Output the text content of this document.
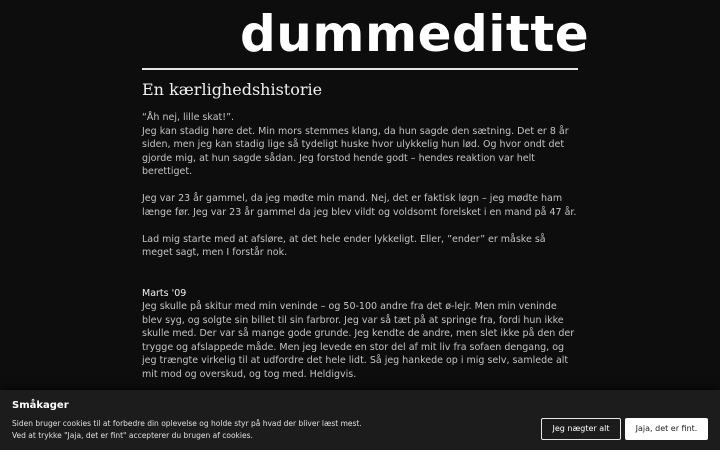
dummeditte
En kærlighedshistorie
“Åh nej, lille skat!”.

Jeg kan stadig høre det. Min mors stemmes klang, da hun sagde den sætning. Det er 8 år siden, men jeg kan stadig lige så tydeligt huske hvor ulykkelig hun lød. Og hvor ondt det gjorde mig, at hun sagde sådan. Jeg forstod hende godt – hendes reaktion var helt berettiget.

Jeg var 23 år gammel, da jeg mødte min mand. Nej, det er faktisk løgn – jeg mødte ham længe før. Jeg var 23 år gammel da jeg blev vildt og voldsomt forelsket i en mand på 47 år.

Lad mig starte med at afsløre, at det hele ender lykkeligt. Eller, ”ender” er måske så meget sagt, men I forstår nok.

Marts '09

Jeg skulle på skitur med min veninde – og 50-100 andre fra det ø-lejr. Men min veninde blev syg, og solgte sin billet til sin farbror. Jeg var så tæt på at springe fra, fordi hun ikke skulle med. Der var så mange gode grunde. Jeg kendte de andre, men slet ikke på den der trygge og afslappede måde. Men jeg levede en stor del af mit liv fra sofaen dengang, og jeg trængte virkelig til at udfordre det hele lidt. Så jeg hankede op i mig selv, samlede alt mit mod og overskud, og tog med. Heldigvis.

Småkager
Siden bruger cookies til at forbedre din oplevelse og holde styr på hvad der bliver læst mest.
Ved at trykke "Jaja, det er fint" accepterer du brugen af cookies.
Jeg nægter alt	Jaja, det er fint.
